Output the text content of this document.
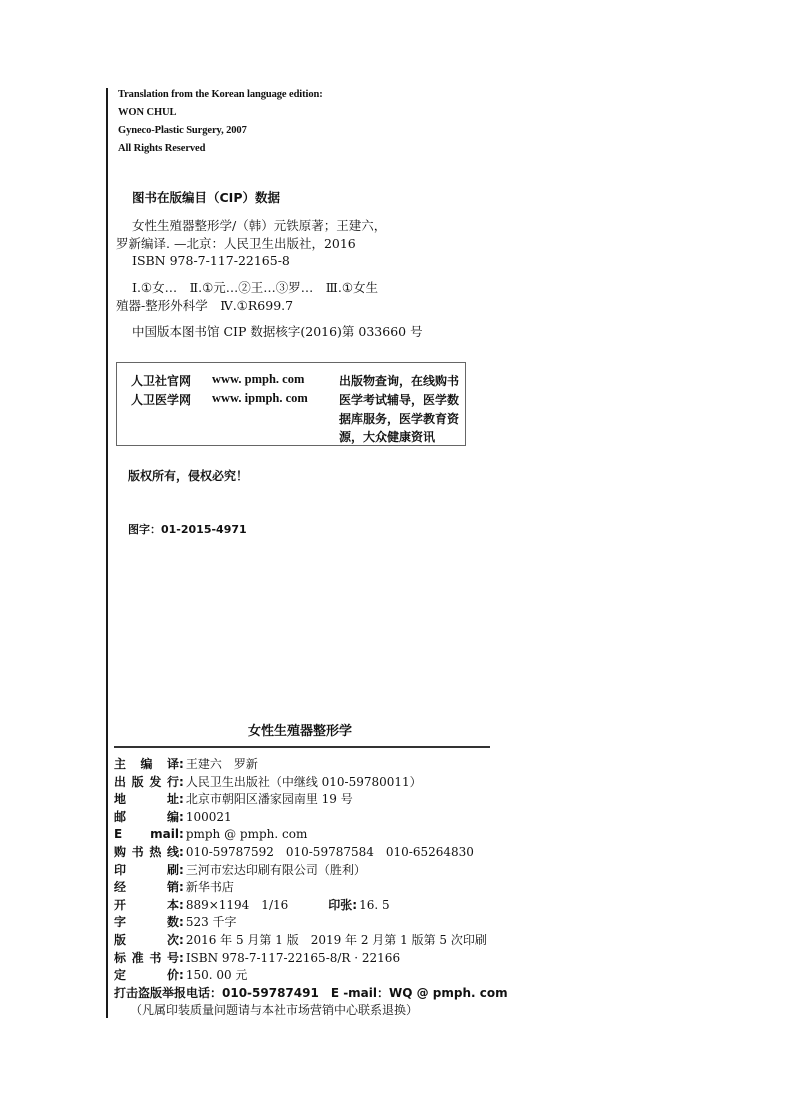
Translation from the Korean language edition:
WON CHUL
Gyneco-Plastic Surgery, 2007
All Rights Reserved
图书在版编目（CIP）数据
女性生殖器整形学/（韩）元铁原著；王建六，
罗新编译. —北京：人民卫生出版社，2016
ISBN 978-7-117-22165-8
Ⅰ.①女…　Ⅱ.①元…②王…③罗…　Ⅲ.①女生
殖器-整形外科学　Ⅳ.①R699.7
中国版本图书馆 CIP 数据核字(2016)第 033660 号
人卫社官网 www. pmph. com	出版物查询，在线购书
人卫医学网 www. ipmph. com	医学考试辅导，医学数
据库服务，医学教育资
源，大众健康资讯
版权所有，侵权必究！
图字：01-2015-4971
女性生殖器整形学
主编译: 王建六　罗新
出版发行: 人民卫生出版社（中继线 010-59780011）
地址: 北京市朝阳区潘家园南里 19 号
邮编: 100021
E mail: pmph @ pmph. com
购书热线: 010-59787592　010-59787584　010-65264830
印刷: 三河市宏达印刷有限公司（胜利）
经销: 新华书店
开本: 889×1194　1/16	印张: 16. 5
字数: 523 千字
版次: 2016 年 5 月第 1 版　2019 年 2 月第 1 版第 5 次印刷
标准书号: ISBN 978-7-117-22165-8/R · 22166
定价: 150. 00 元
打击盗版举报电话：010-59787491　E -mail：WQ @ pmph. com
（凡属印装质量问题请与本社市场营销中心联系退换）
